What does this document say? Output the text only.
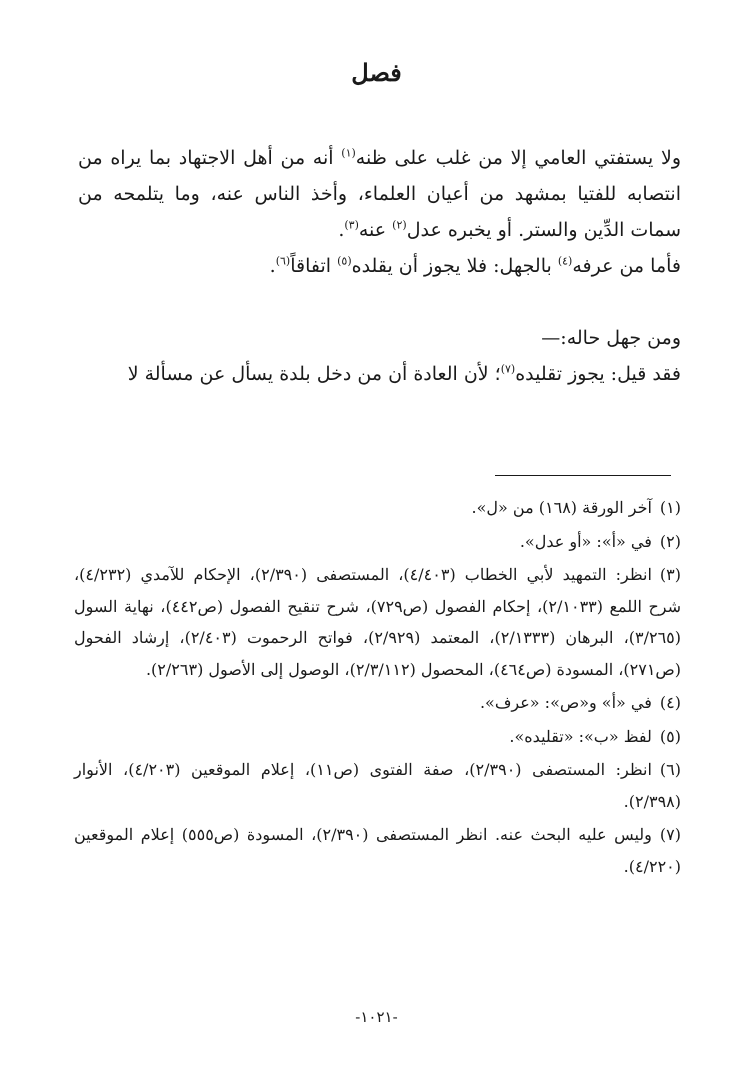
فصل

ولا يستفتي العامي إلا من غلب على ظنه$^{(١)}$ أنه من أهل الاجتهاد بما يراه من انتصابه للفتيا بمشهد من أعيان العلماء، وأخذ الناس عنه، وما يتلمحه من سمات الدِّين والستر. أو يخبره عدل$^{(٢)}$ عنه$^{(٣)}$.

فأما من عرفه$^{(٤)}$ بالجهل: فلا يجوز أن يقلده$^{(٥)}$ اتفاقاً$^{(٦)}$.

ومن جهل حاله:—

فقد قيل: يجوز تقليده$^{(٧)}$؛ لأن العادة أن من دخل بلدة يسأل عن مسألة لا

(١)آخر الورقة (١٦٨) من «ل».

(٢)في «أ»: «أو عدل».

(٣)انظر: التمهيد لأبي الخطاب (٤/٤٠٣)، المستصفى (٢/٣٩٠)، الإحكام للآمدي (٤/٢٣٢)، شرح اللمع (٢/١٠٣٣)، إحكام الفصول (ص٧٢٩)، شرح تنقيح الفصول (ص٤٤٢)، نهاية السول (٣/٢٦٥)، البرهان (٢/١٣٣٣)، المعتمد (٢/٩٢٩)، فواتح الرحموت (٢/٤٠٣)، إرشاد الفحول (ص٢٧١)، المسودة (ص٤٦٤)، المحصول (٢/٣/١١٢)، الوصول إلى الأصول (٢/٢٦٣).

(٤)في «أ» و«ص»: «عرف».

(٥)لفظ «ب»: «تقليده».

(٦)انظر: المستصفى (٢/٣٩٠)، صفة الفتوى (ص١١)، إعلام الموقعين (٤/٢٠٣)، الأنوار (٢/٣٩٨).

(٧)وليس عليه البحث عنه. انظر المستصفى (٢/٣٩٠)، المسودة (ص٥٥٥) إعلام الموقعين (٤/٢٢٠).

-١٠٢١-
